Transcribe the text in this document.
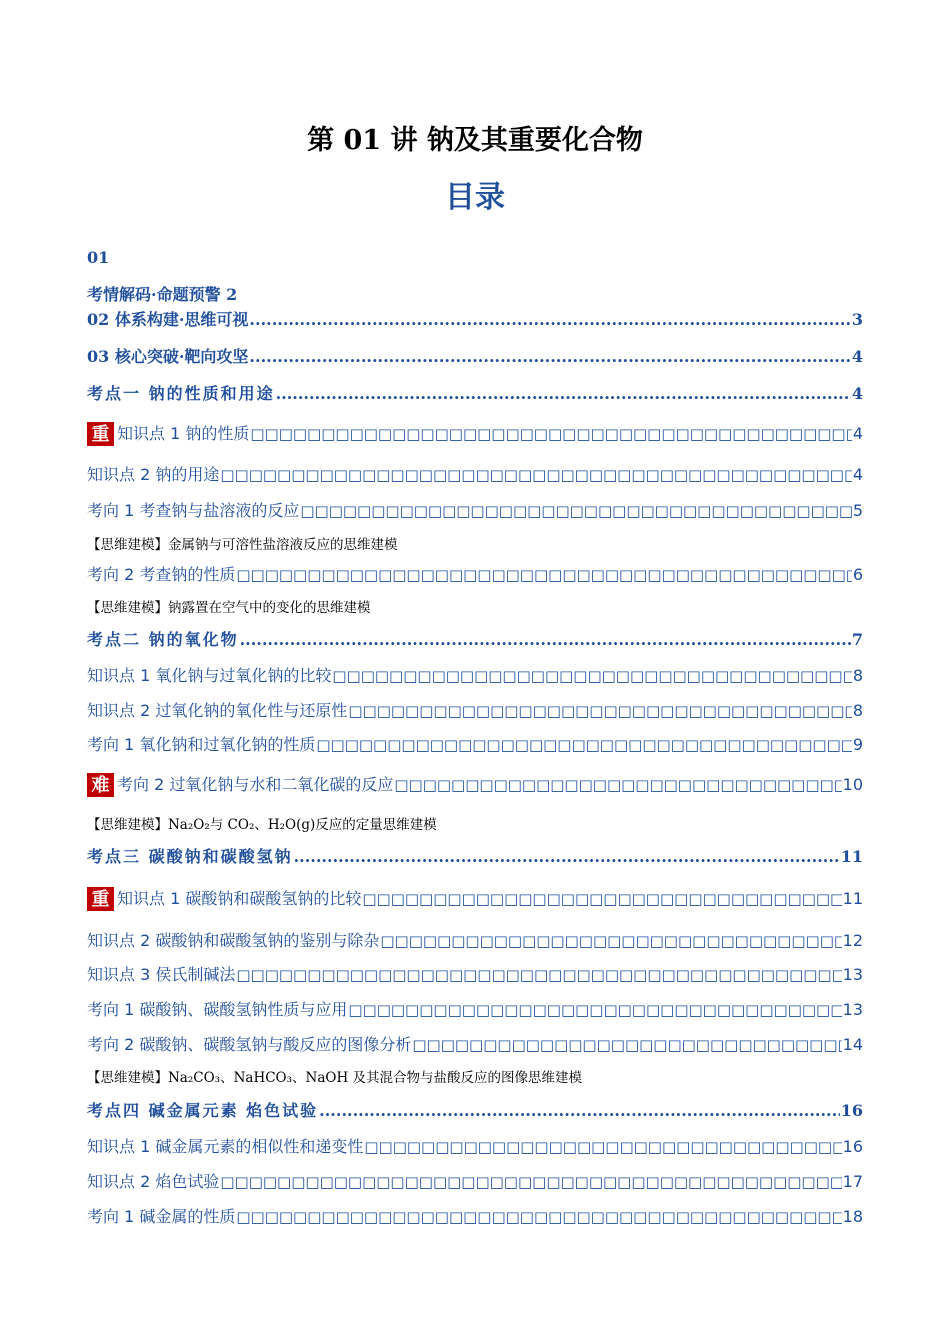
第 01 讲 钠及其重要化合物
目录
01
考情解码·命题预警 2
02 体系构建·思维可视 .....	3
03 核心突破·靶向攻坚 .....	4
考点一 钠的性质和用途 .....	4
重 知识点 1 钠的性质 □□□□□□□□□□□□□□□□□□□□□□□□□□□□□□□□□□□□□□□□□□□□□□□□□□□□□□□□□□□□□□□□□□□□□□□□□□□□□□□□□□□□□	4
知识点 2 钠的用途 □□□□□□□□□□□□□□□□□□□□□□□□□□□□□□□□□□□□□□□□□□□□□□□□□□□□□□□□□□□□□□□□□□□□□□□□□□□□□□□□□□□□□	4
考向 1 考查钠与盐溶液的反应 □□□□□□□□□□□□□□□□□□□□□□□□□□□□□□□□□□□□□□□□□□□□□□□□□□□□□□□□□□□□□□□□□□□□□□□□□□□□□□□□□□□□□	5
【思维建模】金属钠与可溶性盐溶液反应的思维建模
考向 2 考查钠的性质 □□□□□□□□□□□□□□□□□□□□□□□□□□□□□□□□□□□□□□□□□□□□□□□□□□□□□□□□□□□□□□□□□□□□□□□□□□□□□□□□□□□□□	6
【思维建模】钠露置在空气中的变化的思维建模
考点二 钠的氧化物 .....	7
知识点 1 氧化钠与过氧化钠的比较 □□□□□□□□□□□□□□□□□□□□□□□□□□□□□□□□□□□□□□□□□□□□□□□□□□□□□□□□□□□□□□□□□□□□□□□□□□□□□□□□□□□□□	8
知识点 2 过氧化钠的氧化性与还原性 □□□□□□□□□□□□□□□□□□□□□□□□□□□□□□□□□□□□□□□□□□□□□□□□□□□□□□□□□□□□□□□□□□□□□□□□□□□□□□□□□□□□□	8
考向 1 氧化钠和过氧化钠的性质 □□□□□□□□□□□□□□□□□□□□□□□□□□□□□□□□□□□□□□□□□□□□□□□□□□□□□□□□□□□□□□□□□□□□□□□□□□□□□□□□□□□□□	9
难 考向 2 过氧化钠与水和二氧化碳的反应 □□□□□□□□□□□□□□□□□□□□□□□□□□□□□□□□□□□□□□□□□□□□□□□□□□□□□□□□□□□□□□□□□□□□□□□□□□□□□□□□□□□□□	10
【思维建模】Na₂O₂与 CO₂、H₂O(g)反应的定量思维建模
考点三 碳酸钠和碳酸氢钠 .....	11
重 知识点 1 碳酸钠和碳酸氢钠的比较 □□□□□□□□□□□□□□□□□□□□□□□□□□□□□□□□□□□□□□□□□□□□□□□□□□□□□□□□□□□□□□□□□□□□□□□□□□□□□□□□□□□□□	11
知识点 2 碳酸钠和碳酸氢钠的鉴别与除杂 □□□□□□□□□□□□□□□□□□□□□□□□□□□□□□□□□□□□□□□□□□□□□□□□□□□□□□□□□□□□□□□□□□□□□□□□□□□□□□□□□□□□□	12
知识点 3 侯氏制碱法 □□□□□□□□□□□□□□□□□□□□□□□□□□□□□□□□□□□□□□□□□□□□□□□□□□□□□□□□□□□□□□□□□□□□□□□□□□□□□□□□□□□□□	13
考向 1 碳酸钠、碳酸氢钠性质与应用 □□□□□□□□□□□□□□□□□□□□□□□□□□□□□□□□□□□□□□□□□□□□□□□□□□□□□□□□□□□□□□□□□□□□□□□□□□□□□□□□□□□□□	13
考向 2 碳酸钠、碳酸氢钠与酸反应的图像分析 □□□□□□□□□□□□□□□□□□□□□□□□□□□□□□□□□□□□□□□□□□□□□□□□□□□□□□□□□□□□□□□□□□□□□□□□□□□□□□□□□□□□□	14
【思维建模】Na₂CO₃、NaHCO₃、NaOH 及其混合物与盐酸反应的图像思维建模
考点四 碱金属元素 焰色试验 .....	16
知识点 1 碱金属元素的相似性和递变性 □□□□□□□□□□□□□□□□□□□□□□□□□□□□□□□□□□□□□□□□□□□□□□□□□□□□□□□□□□□□□□□□□□□□□□□□□□□□□□□□□□□□□	16
知识点 2 焰色试验 □□□□□□□□□□□□□□□□□□□□□□□□□□□□□□□□□□□□□□□□□□□□□□□□□□□□□□□□□□□□□□□□□□□□□□□□□□□□□□□□□□□□□	17
考向 1 碱金属的性质 □□□□□□□□□□□□□□□□□□□□□□□□□□□□□□□□□□□□□□□□□□□□□□□□□□□□□□□□□□□□□□□□□□□□□□□□□□□□□□□□□□□□□	18
